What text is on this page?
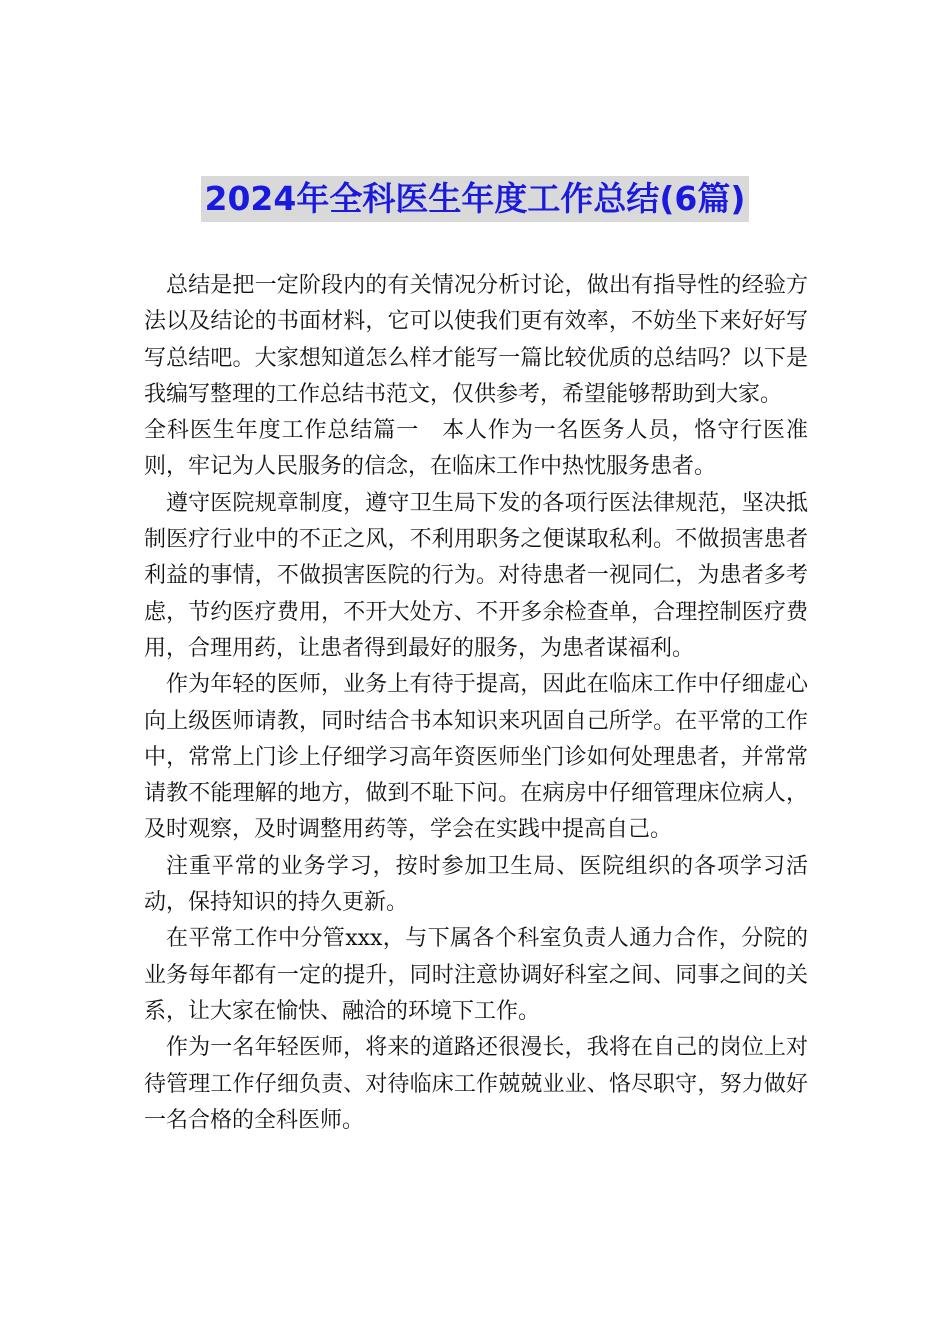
2024年全科医生年度工作总结(6篇)

总结是把一定阶段内的有关情况分析讨论，做出有指导性的经验方法以及结论的书面材料，它可以使我们更有效率，不妨坐下来好好写写总结吧。大家想知道怎么样才能写一篇比较优质的总结吗？以下是我编写整理的工作总结书范文，仅供参考，希望能够帮助到大家。

全科医生年度工作总结篇一　本人作为一名医务人员，恪守行医准则，牢记为人民服务的信念，在临床工作中热忱服务患者。

遵守医院规章制度，遵守卫生局下发的各项行医法律规范，坚决抵制医疗行业中的不正之风，不利用职务之便谋取私利。不做损害患者利益的事情，不做损害医院的行为。对待患者一视同仁，为患者多考虑，节约医疗费用，不开大处方、不开多余检查单，合理控制医疗费用，合理用药，让患者得到最好的服务，为患者谋福利。

作为年轻的医师，业务上有待于提高，因此在临床工作中仔细虚心向上级医师请教，同时结合书本知识来巩固自己所学。在平常的工作中，常常上门诊上仔细学习高年资医师坐门诊如何处理患者，并常常请教不能理解的地方，做到不耻下问。在病房中仔细管理床位病人，及时观察，及时调整用药等，学会在实践中提高自己。

注重平常的业务学习，按时参加卫生局、医院组织的各项学习活动，保持知识的持久更新。

在平常工作中分管xxx，与下属各个科室负责人通力合作，分院的业务每年都有一定的提升，同时注意协调好科室之间、同事之间的关系，让大家在愉快、融洽的环境下工作。

作为一名年轻医师，将来的道路还很漫长，我将在自己的岗位上对待管理工作仔细负责、对待临床工作兢兢业业、恪尽职守，努力做好一名合格的全科医师。
